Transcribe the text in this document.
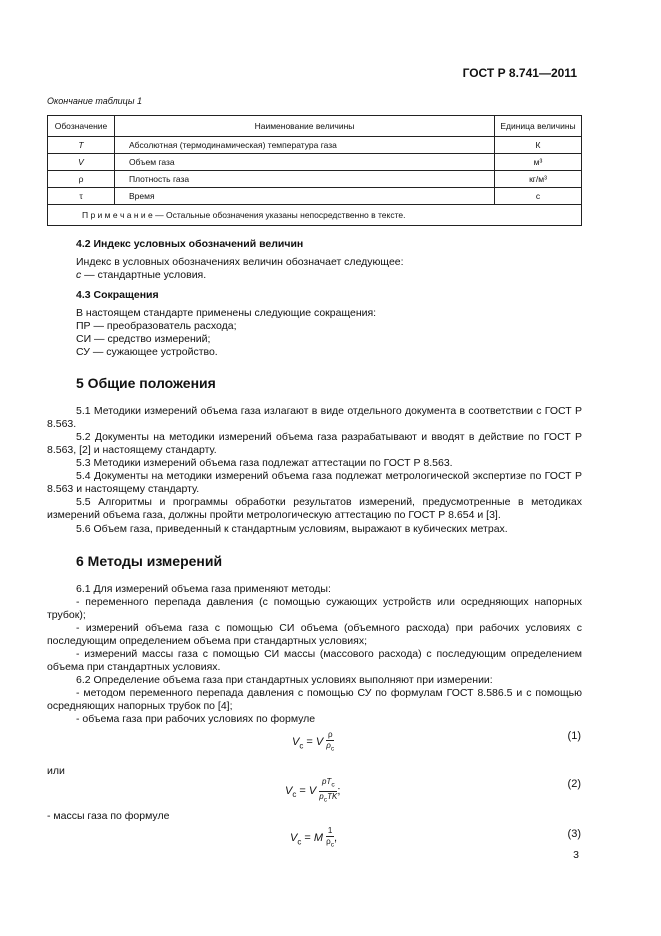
ГОСТ Р 8.741—2011
Окончание таблицы 1
Обозначение	Наименование величины	Единица величины
T	Абсолютная (термодинамическая) температура газа	К
V	Объем газа	м³
ρ	Плотность газа	кг/м³
τ	Время	с
П р и м е ч а н и е — Остальные обозначения указаны непосредственно в тексте.		
4.2 Индекс условных обозначений величин
Индекс в условных обозначениях величин обозначает следующее:
с — стандартные условия.
4.3 Сокращения
В настоящем стандарте применены следующие сокращения:
ПР — преобразователь расхода;
СИ — средство измерений;
СУ — сужающее устройство.
5 Общие положения
5.1 Методики измерений объема газа излагают в виде отдельного документа в соответствии с ГОСТ Р 8.563.
5.2 Документы на методики измерений объема газа разрабатывают и вводят в действие по ГОСТ Р 8.563, [2] и настоящему стандарту.
5.3 Методики измерений объема газа подлежат аттестации по ГОСТ Р 8.563.
5.4 Документы на методики измерений объема газа подлежат метрологической экспертизе по ГОСТ Р 8.563 и настоящему стандарту.
5.5 Алгоритмы и программы обработки результатов измерений, предусмотренные в методиках измерений объема газа, должны пройти метрологическую аттестацию по ГОСТ Р 8.654 и [3].
5.6 Объем газа, приведенный к стандартным условиям, выражают в кубических метрах.
6 Методы измерений
6.1 Для измерений объема газа применяют методы:
- переменного перепада давления (с помощью сужающих устройств или осредняющих напорных трубок);
- измерений объема газа с помощью СИ объема (объемного расхода) при рабочих условиях с последующим определением объема при стандартных условиях;
- измерений массы газа с помощью СИ массы (массового расхода) с последующим определением объема при стандартных условиях.
6.2 Определение объема газа при стандартных условиях выполняют при измерении:
- методом переменного перепада давления с помощью СУ по формулам ГОСТ 8.586.5 и с помощью осредняющих напорных трубок по [4];
- объема газа при рабочих условиях по формуле
$V_c = V \frac{\rho}{\rho_c}$	(1)
или
$V_c = V \frac{pT_c}{p_cTK}$ ;
(2)
- массы газа по формуле
$V_c = M \frac{1}{\rho_c}$ ,	(3)
3
